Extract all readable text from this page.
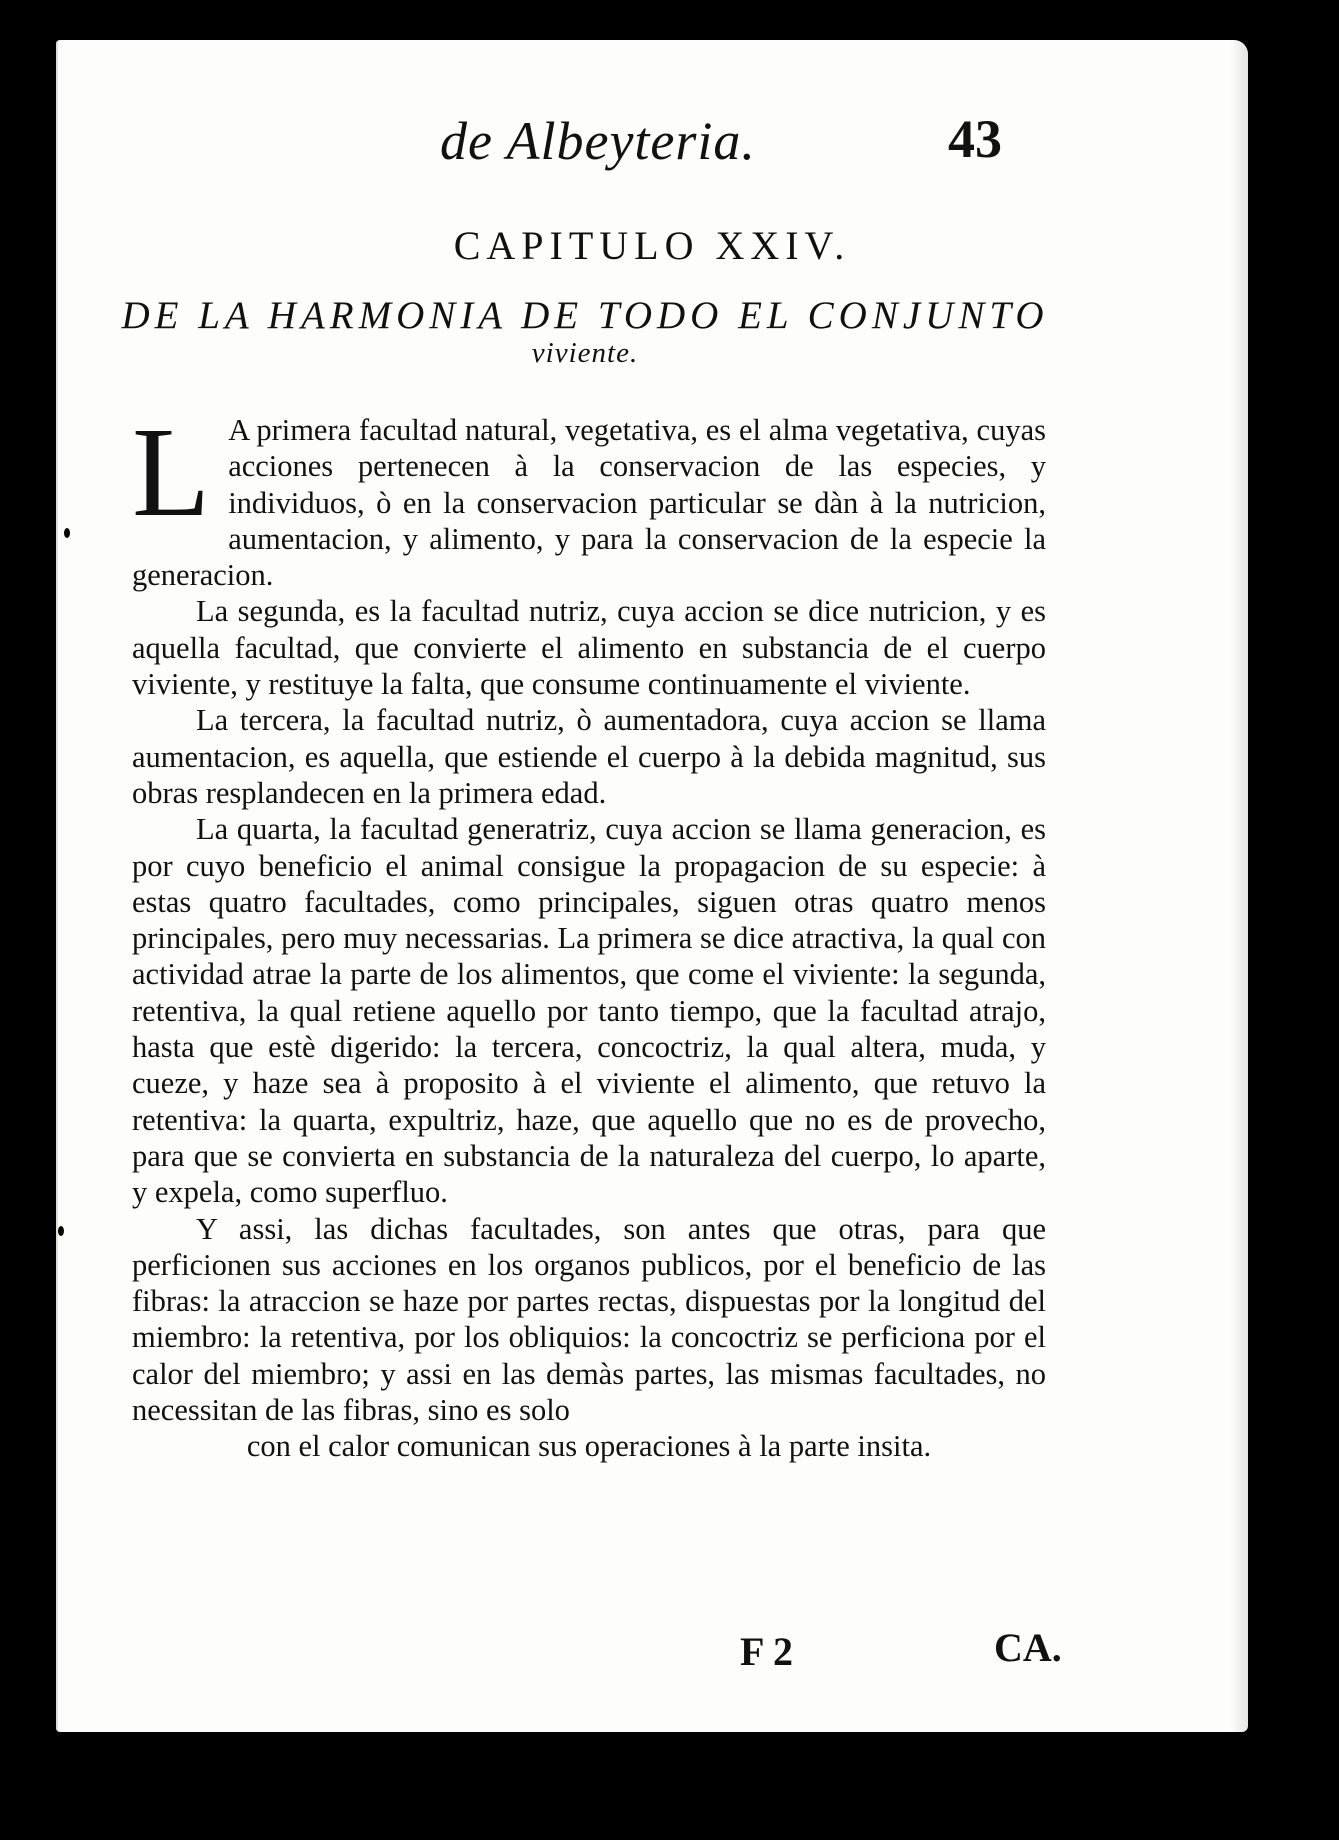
de Albeyteria.	43
CAPITULO XXIV.
DE LA HARMONIA DE TODO EL CONJUNTO
viviente.

L A primera facultad natural, vegetativa, es el alma vegetativa, cuyas acciones pertenecen à la conservacion de las especies, y individuos, ò en la conservacion particular se dàn à la nutricion, aumentacion, y alimento, y para la conservacion de la especie la generacion.

La segunda, es la facultad nutriz, cuya accion se dice nutricion, y es aquella facultad, que convierte el alimento en substancia de el cuerpo viviente, y restituye la falta, que consume continuamente el viviente.

La tercera, la facultad nutriz, ò aumentadora, cuya accion se llama aumentacion, es aquella, que estiende el cuerpo à la debida magnitud, sus obras resplandecen en la primera edad.

La quarta, la facultad generatriz, cuya accion se llama generacion, es por cuyo beneficio el animal consigue la propagacion de su especie: à estas quatro facultades, como principales, siguen otras quatro menos principales, pero muy necessarias. La primera se dice atractiva, la qual con actividad atrae la parte de los alimentos, que come el viviente: la segunda, retentiva, la qual retiene aquello por tanto tiempo, que la facultad atrajo, hasta que estè digerido: la tercera, concoctriz, la qual altera, muda, y cueze, y haze sea à proposito à el viviente el alimento, que retuvo la retentiva: la quarta, expultriz, haze, que aquello que no es de provecho, para que se convierta en substancia de la naturaleza del cuerpo, lo aparte, y expela, como superfluo.

Y assi, las dichas facultades, son antes que otras, para que perficionen sus acciones en los organos publicos, por el beneficio de las fibras: la atraccion se haze por partes rectas, dispuestas por la longitud del miembro: la retentiva, por los obliquios: la concoctriz se perficiona por el calor del miembro; y assi en las demàs partes, las mismas facultades, no necessitan de las fibras, sino es solo

con el calor comunican sus operaciones à la parte insita.

F 2	CA.
